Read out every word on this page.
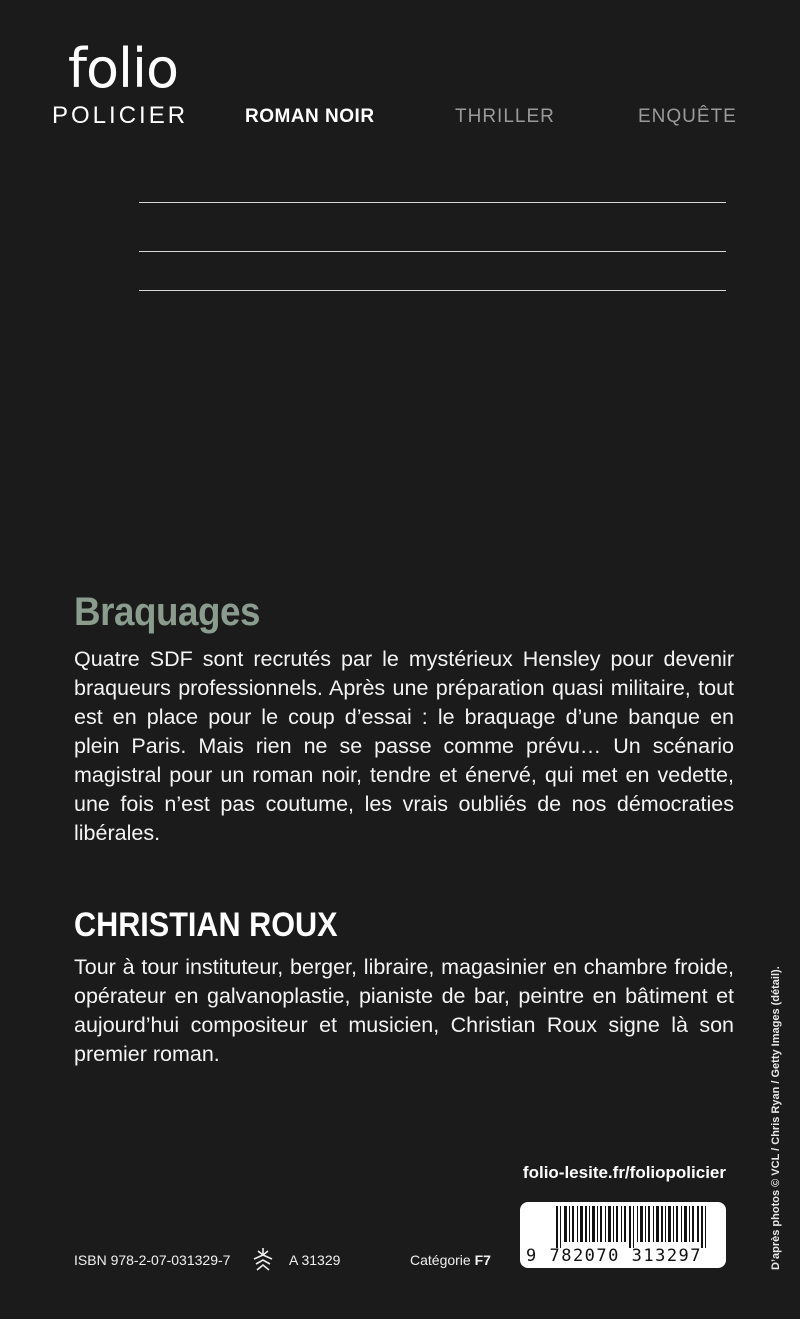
folio
POLICIER	ROMAN NOIR	THRILLER	ENQUÊTE
Braquages
Quatre SDF sont recrutés par le mystérieux Hensley pour devenir braqueurs professionnels. Après une préparation quasi militaire, tout est en place pour le coup d’essai : le braquage d’une banque en plein Paris. Mais rien ne se passe comme prévu… Un scénario magistral pour un roman noir, tendre et énervé, qui met en vedette, une fois n’est pas coutume, les vrais oubliés de nos démocraties libérales.
CHRISTIAN ROUX
Tour à tour instituteur, berger, libraire, magasinier en chambre froide, opérateur en galvanoplastie, pianiste de bar, peintre en bâtiment et aujourd’hui compositeur et musicien, Christian Roux signe là son premier roman.
folio-lesite.fr/foliopolicier
9 782070 313297
ISBN 978-2-07-031329-7	A 31329	Catégorie F7	D’après photos © VCL / Chris Ryan / Getty Images (détail).
